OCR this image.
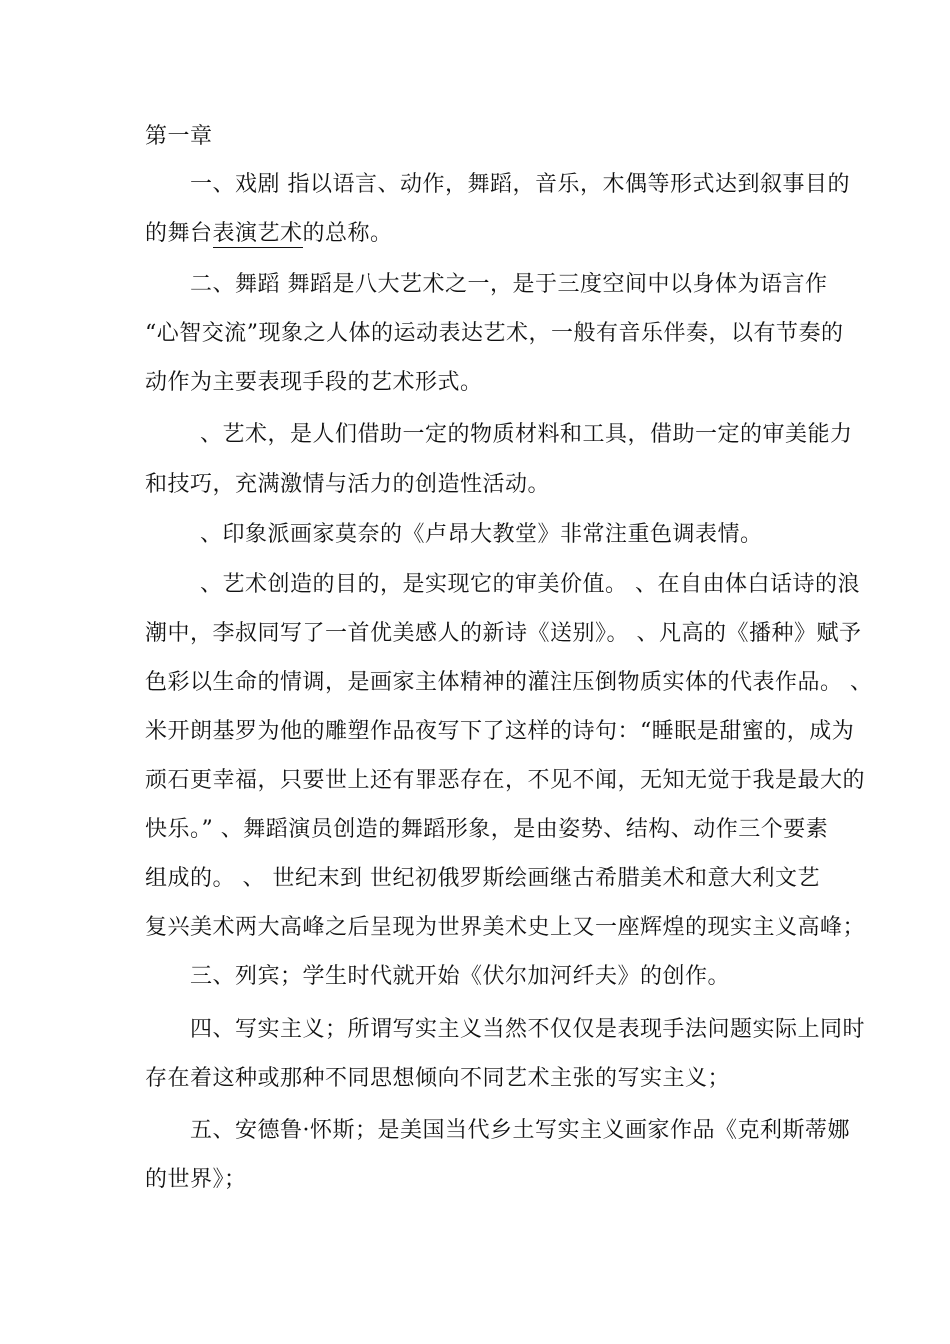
第一章
一、戏剧 指以语言、动作，舞蹈，音乐，木偶等形式达到叙事目的
的舞台表演艺术的总称。
二、舞蹈 舞蹈是八大艺术之一，是于三度空间中以身体为语言作
“心智交流”现象之人体的运动表达艺术，一般有音乐伴奏，以有节奏的
动作为主要表现手段的艺术形式。
、艺术，是人们借助一定的物质材料和工具，借助一定的审美能力
和技巧，充满激情与活力的创造性活动。
、印象派画家莫奈的《卢昂大教堂》非常注重色调表情。
、艺术创造的目的，是实现它的审美价值。 、在自由体白话诗的浪
潮中，李叔同写了一首优美感人的新诗《送别》。 、凡高的《播种》赋予
色彩以生命的情调，是画家主体精神的灌注压倒物质实体的代表作品。 、
米开朗基罗为他的雕塑作品夜写下了这样的诗句：“睡眠是甜蜜的，成为
顽石更幸福，只要世上还有罪恶存在，不见不闻，无知无觉于我是最大的
快乐。” 、舞蹈演员创造的舞蹈形象，是由姿势、结构、动作三个要素
组成的。 、 世纪末到 世纪初俄罗斯绘画继古希腊美术和意大利文艺
复兴美术两大高峰之后呈现为世界美术史上又一座辉煌的现实主义高峰；
三、列宾；学生时代就开始《伏尔加河纤夫》的创作。
四、写实主义；所谓写实主义当然不仅仅是表现手法问题实际上同时
存在着这种或那种不同思想倾向不同艺术主张的写实主义；
五、安德鲁·怀斯；是美国当代乡土写实主义画家作品《克利斯蒂娜
的世界》；
